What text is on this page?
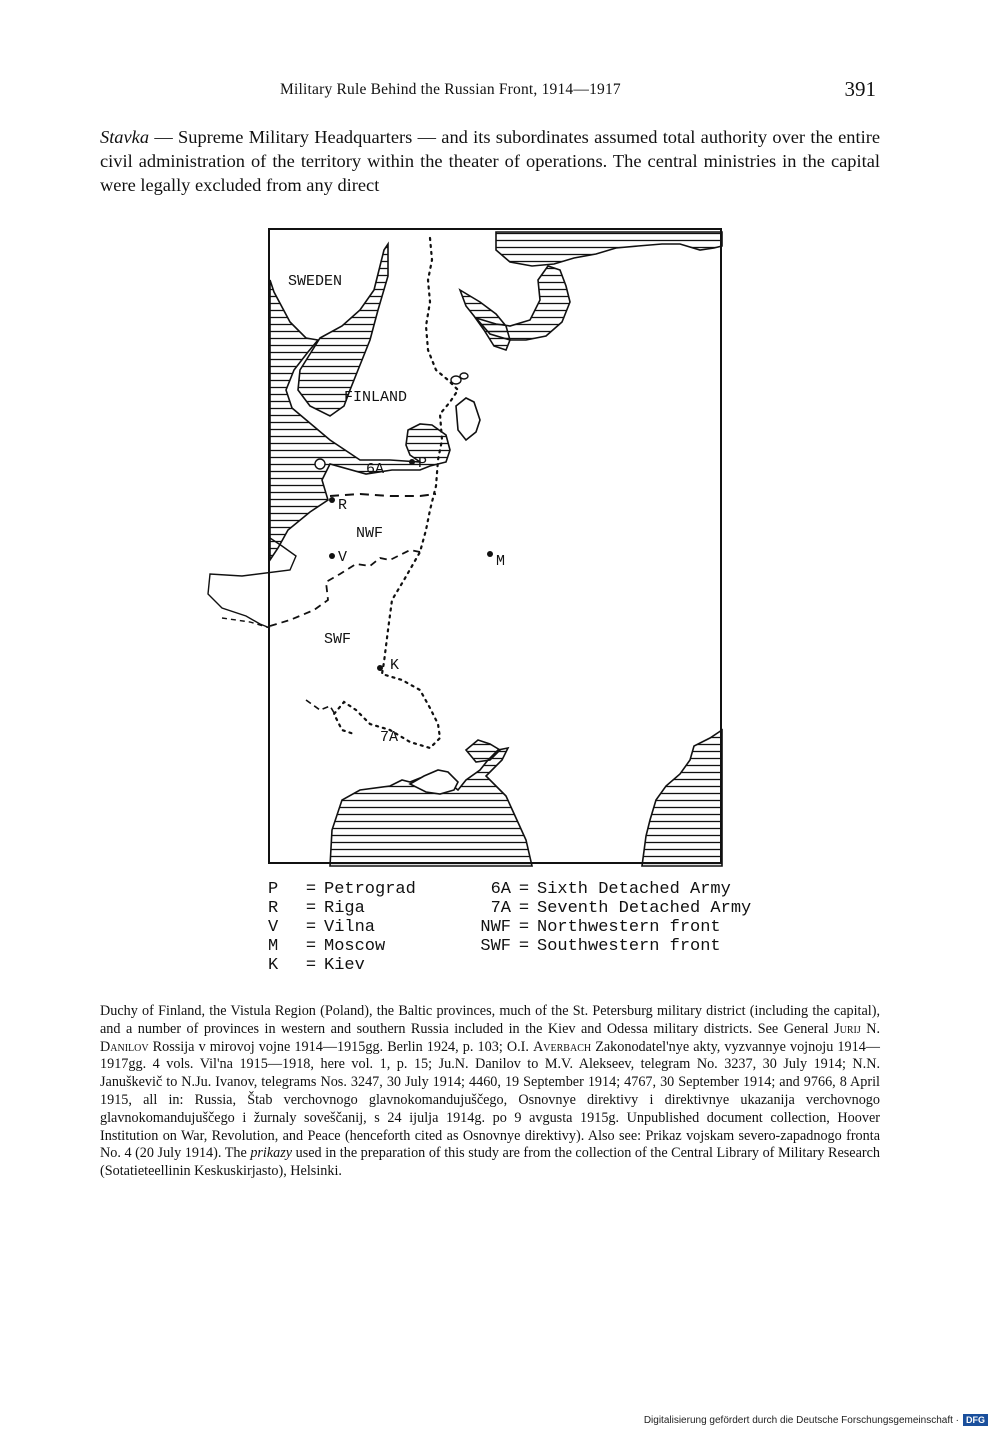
Military Rule Behind the Russian Front, 1914—1917	391

Stavka — Supreme Military Headquarters — and its subordinates assumed total authority over the entire civil administration of the territory within the theater of operations. The central ministries in the capital were legally excluded from any direct

SWEDEN
FINLAND
6A P
R
NWF
V	M
SWF
K
7A
P	= Petrograd
R	= Riga
V	= Vilna
M	= Moscow
K	= Kiev
6A = Sixth Detached Army
7A = Seventh Detached Army
NWF = Northwestern front
SWF = Southwestern front

Duchy of Finland, the Vistula Region (Poland), the Baltic provinces, much of the St. Petersburg military district (including the capital), and a number of provinces in western and southern Russia included in the Kiev and Odessa military districts. See General Jurij N. Danilov Rossija v mirovoj vojne 1914—1915gg. Berlin 1924, p. 103; O.I. Averbach Zakonodatel'nye akty, vyzvannye vojnoju 1914—1917gg. 4 vols. Vil'na 1915—1918, here vol. 1, p. 15; Ju.N. Danilov to M.V. Alekseev, telegram No. 3237, 30 July 1914; N.N. Januškevič to N.Ju. Ivanov, telegrams Nos. 3247, 30 July 1914; 4460, 19 September 1914; 4767, 30 September 1914; and 9766, 8 April 1915, all in: Russia, Štab verchovnogo glavnokomandujuščego, Osnovnye direktivy i direktivnye ukazanija verchovnogo glavnokomandujuščego i žurnaly soveščanij, s 24 ijulja 1914g. po 9 avgusta 1915g. Unpublished document collection, Hoover Institution on War, Revolution, and Peace (henceforth cited as Osnovnye direktivy). Also see: Prikaz vojskam severo-zapadnogo fronta No. 4 (20 July 1914). The prikazy used in the preparation of this study are from the collection of the Central Library of Military Research (Sotatieteellinin Keskuskirjasto), Helsinki.

Digitalisierung gefördert durch die Deutsche Forschungsgemeinschaft · DFG
